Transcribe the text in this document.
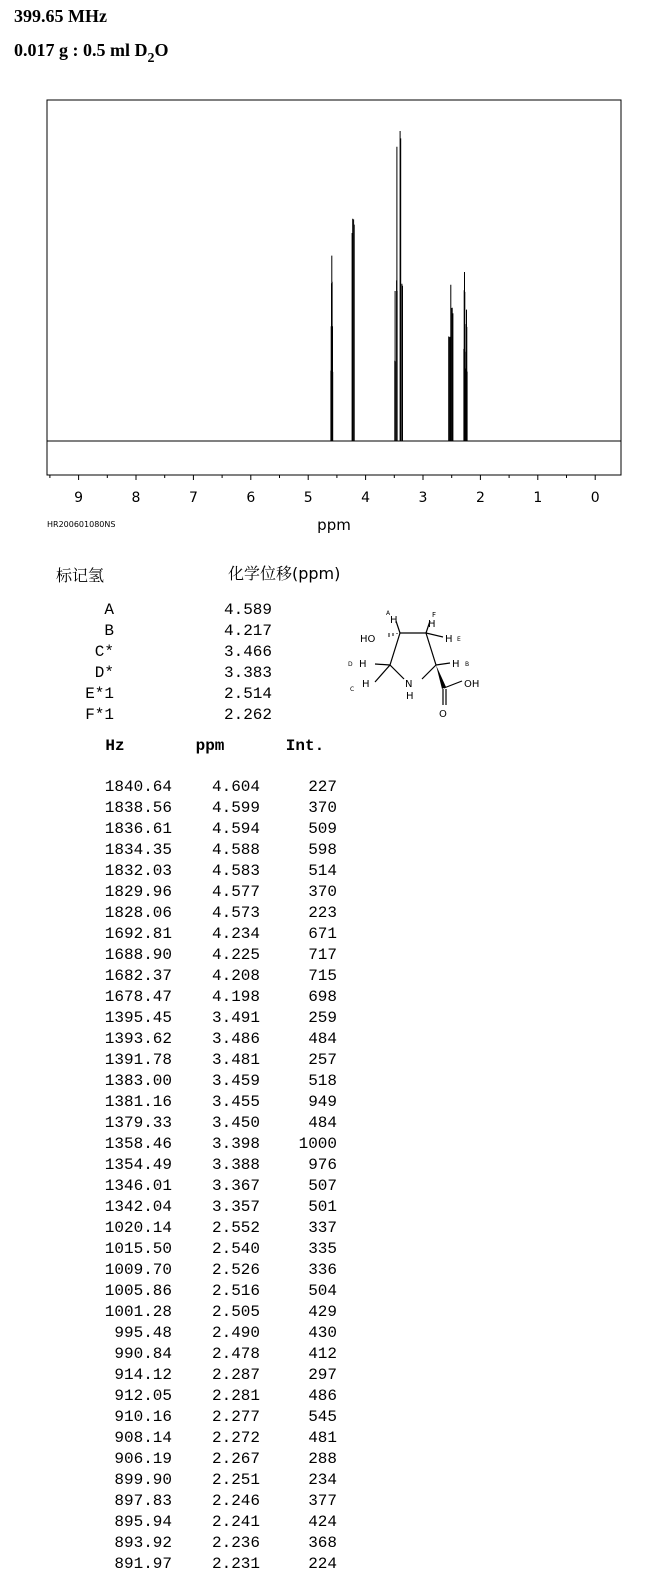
399.65 MHz
0.017 g : 0.5 ml $D_2O$
9	8	7	6	5	4	3	2	1	0
ppm
HR200601080NS
标记氢	化学位移(ppm)
A	4.589
B	4.217
C*	3.466
D*	3.383
E*1	2.514
F*1	2.262
A
H	F
H
HO	H E
D H	H B
C H	N
H
OH
O
Hz	ppm	Int.
1840.64	4.604	227
1838.56	4.599	370
1836.61	4.594	509
1834.35	4.588	598
1832.03	4.583	514
1829.96	4.577	370
1828.06	4.573	223
1692.81	4.234	671
1688.90	4.225	717
1682.37	4.208	715
1678.47	4.198	698
1395.45	3.491	259
1393.62	3.486	484
1391.78	3.481	257
1383.00	3.459	518
1381.16	3.455	949
1379.33	3.450	484
1358.46	3.398	1000
1354.49	3.388	976
1346.01	3.367	507
1342.04	3.357	501
1020.14	2.552	337
1015.50	2.540	335
1009.70	2.526	336
1005.86	2.516	504
1001.28	2.505	429
995.48	2.490	430
990.84	2.478	412
914.12	2.287	297
912.05	2.281	486
910.16	2.277	545
908.14	2.272	481
906.19	2.267	288
899.90	2.251	234
897.83	2.246	377
895.94	2.241	424
893.92	2.236	368
891.97	2.231	224
